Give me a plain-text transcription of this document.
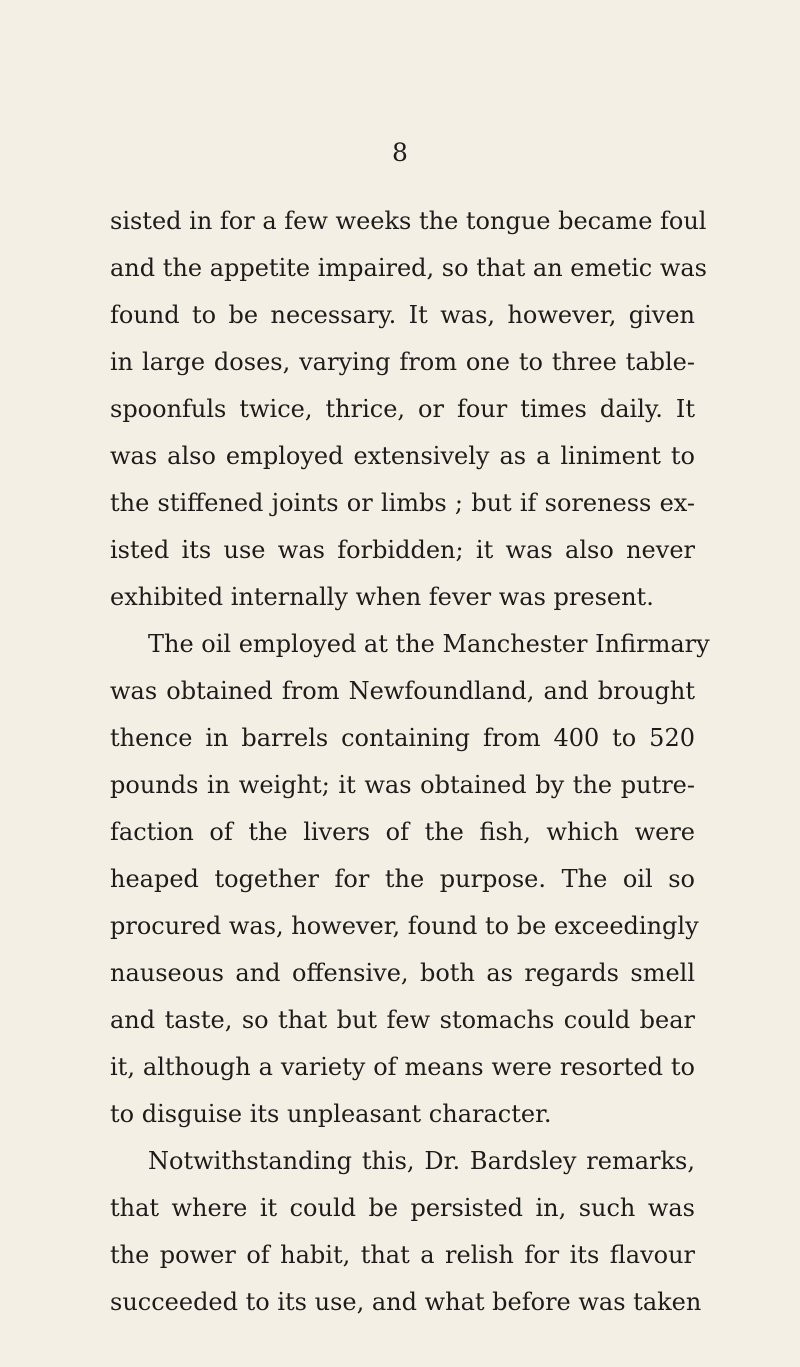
8
sisted in for a few weeks the tongue became foul
and the appetite impaired, so that an emetic was
found to be necessary. It was, however, given
in large doses, varying from one to three table-
spoonfuls twice, thrice, or four times daily. It
was also employed extensively as a liniment to
the stiffened joints or limbs ; but if soreness ex-
isted its use was forbidden; it was also never
exhibited internally when fever was present.
The oil employed at the Manchester Infirmary
was obtained from Newfoundland, and brought
thence in barrels containing from 400 to 520
pounds in weight; it was obtained by the putre-
faction of the livers of the fish, which were
heaped together for the purpose. The oil so
procured was, however, found to be exceedingly
nauseous and offensive, both as regards smell
and taste, so that but few stomachs could bear
it, although a variety of means were resorted to
to disguise its unpleasant character.
Notwithstanding this, Dr. Bardsley remarks,
that where it could be persisted in, such was
the power of habit, that a relish for its flavour
succeeded to its use, and what before was taken
